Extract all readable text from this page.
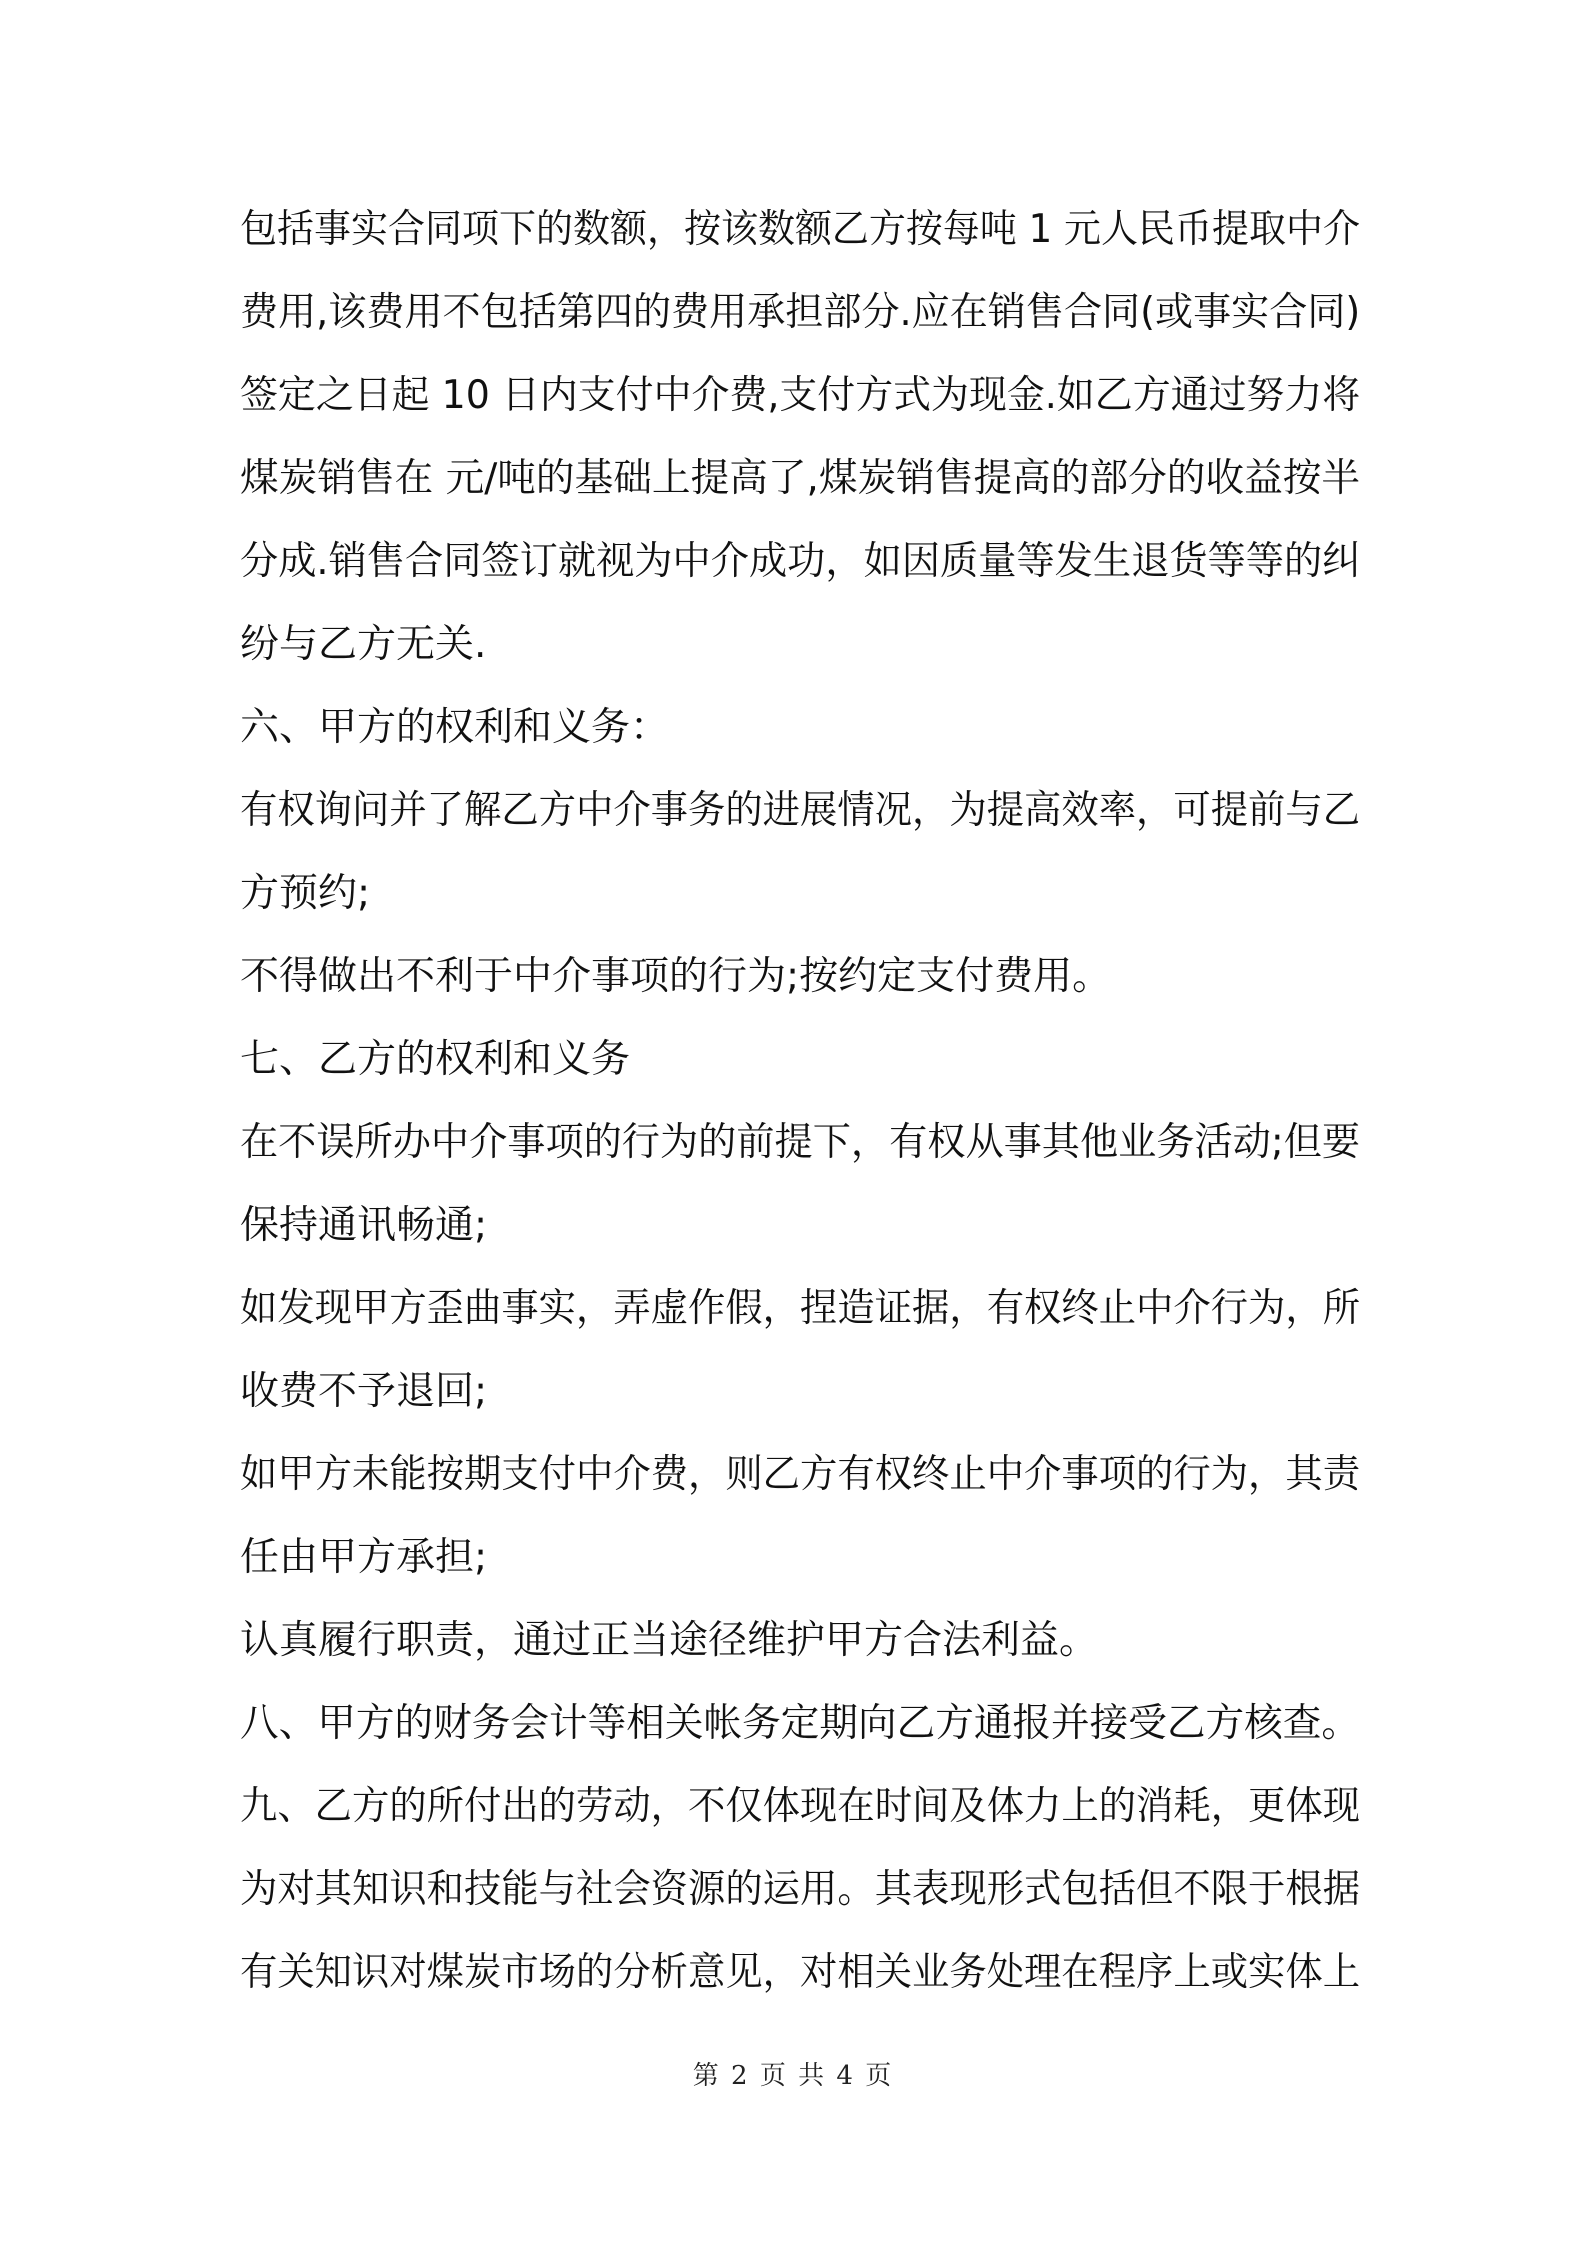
包括事实合同项下的数额，按该数额乙方按每吨 1 元人民币提取中介
费用,该费用不包括第四的费用承担部分.应在销售合同(或事实合同)
签定之日起 10 日内支付中介费,支付方式为现金.如乙方通过努力将
煤炭销售在 元/吨的基础上提高了,煤炭销售提高的部分的收益按半
分成.销售合同签订就视为中介成功，如因质量等发生退货等等的纠
纷与乙方无关.
六、甲方的权利和义务：
有权询问并了解乙方中介事务的进展情况，为提高效率，可提前与乙
方预约;
不得做出不利于中介事项的行为;按约定支付费用。
七、乙方的权利和义务
在不误所办中介事项的行为的前提下，有权从事其他业务活动;但要
保持通讯畅通;
如发现甲方歪曲事实，弄虚作假，捏造证据，有权终止中介行为，所
收费不予退回;
如甲方未能按期支付中介费，则乙方有权终止中介事项的行为，其责
任由甲方承担;
认真履行职责，通过正当途径维护甲方合法利益。
八、甲方的财务会计等相关帐务定期向乙方通报并接受乙方核查。
九、乙方的所付出的劳动，不仅体现在时间及体力上的消耗，更体现
为对其知识和技能与社会资源的运用。其表现形式包括但不限于根据
有关知识对煤炭市场的分析意见，对相关业务处理在程序上或实体上
第 2 页 共 4 页
